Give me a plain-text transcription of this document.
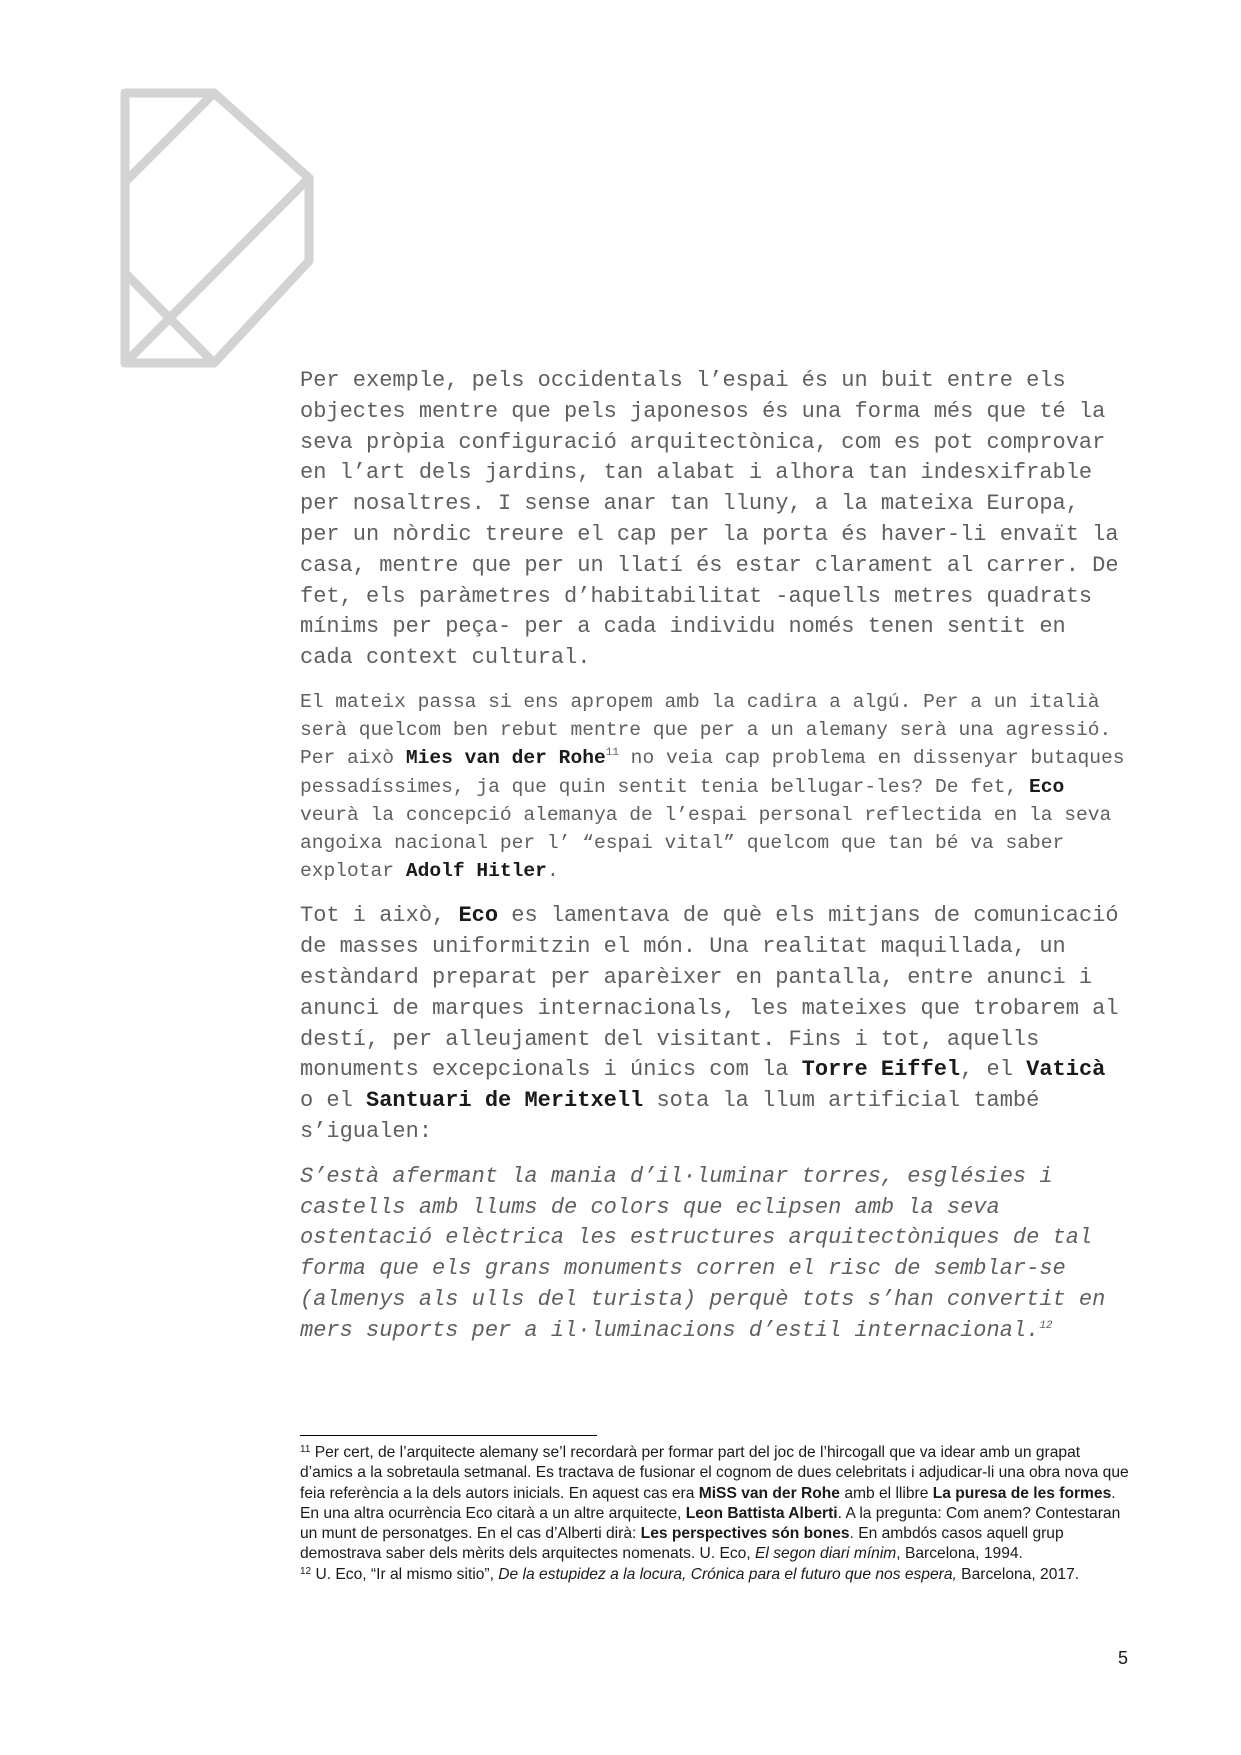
Per exemple, pels occidentals l’espai és un buit entre els objectes mentre que pels japonesos és una forma més que té la seva pròpia configuració arquitectònica, com es pot comprovar en l’art dels jardins, tan alabat i alhora tan indesxifrable per nosaltres. I sense anar tan lluny, a la mateixa Europa, per un nòrdic treure el cap per la porta és haver-li envaït la casa, mentre que per un llatí és estar clarament al carrer. De fet, els paràmetres d’habitabilitat -aquells metres quadrats mínims per peça- per a cada individu només tenen sentit en cada context cultural.

El mateix passa si ens apropem amb la cadira a algú. Per a un italià serà quelcom ben rebut mentre que per a un alemany serà una agressió. Per això Mies van der Rohe$^{11}$ no veia cap problema en dissenyar butaques pessadíssimes, ja que quin sentit tenia bellugar-les? De fet, Eco veurà la concepció alemanya de l’espai personal reflectida en la seva angoixa nacional per l’ “espai vital” quelcom que tan bé va saber explotar Adolf Hitler.

Tot i això, Eco es lamentava de què els mitjans de comunicació de masses uniformitzin el món. Una realitat maquillada, un estàndard preparat per aparèixer en pantalla, entre anunci i anunci de marques internacionals, les mateixes que trobarem al destí, per alleujament del visitant. Fins i tot, aquells monuments excepcionals i únics com la Torre Eiffel, el Vaticà o el Santuari de Meritxell sota la llum artificial també s’igualen:

S’està afermant la mania d’il·luminar torres, esglésies i castells amb llums de colors que eclipsen amb la seva ostentació elèctrica les estructures arquitectòniques de tal forma que els grans monuments corren el risc de semblar-se (almenys als ulls del turista) perquè tots s’han convertit en mers suports per a il·luminacions d’estil internacional.$^{12}$

$^{11}$ Per cert, de l’arquitecte alemany se’l recordarà per formar part del joc de l’hircogall que va idear amb un grapat d’amics a la sobretaula setmanal. Es tractava de fusionar el cognom de dues celebritats i adjudicar-li una obra nova que feia referència a la dels autors inicials. En aquest cas era MiSS van der Rohe amb el llibre La puresa de les formes. En una altra ocurrència Eco citarà a un altre arquitecte, Leon Battista Alberti. A la pregunta: Com anem? Contestaran un munt de personatges. En el cas d’Alberti dirà: Les perspectives són bones. En ambdós casos aquell grup demostrava saber dels mèrits dels arquitectes nomenats. U. Eco, El segon diari mínim, Barcelona, 1994.

$^{12}$ U. Eco, “Ir al mismo sitio”, De la estupidez a la locura, Crónica para el futuro que nos espera, Barcelona, 2017.

5
